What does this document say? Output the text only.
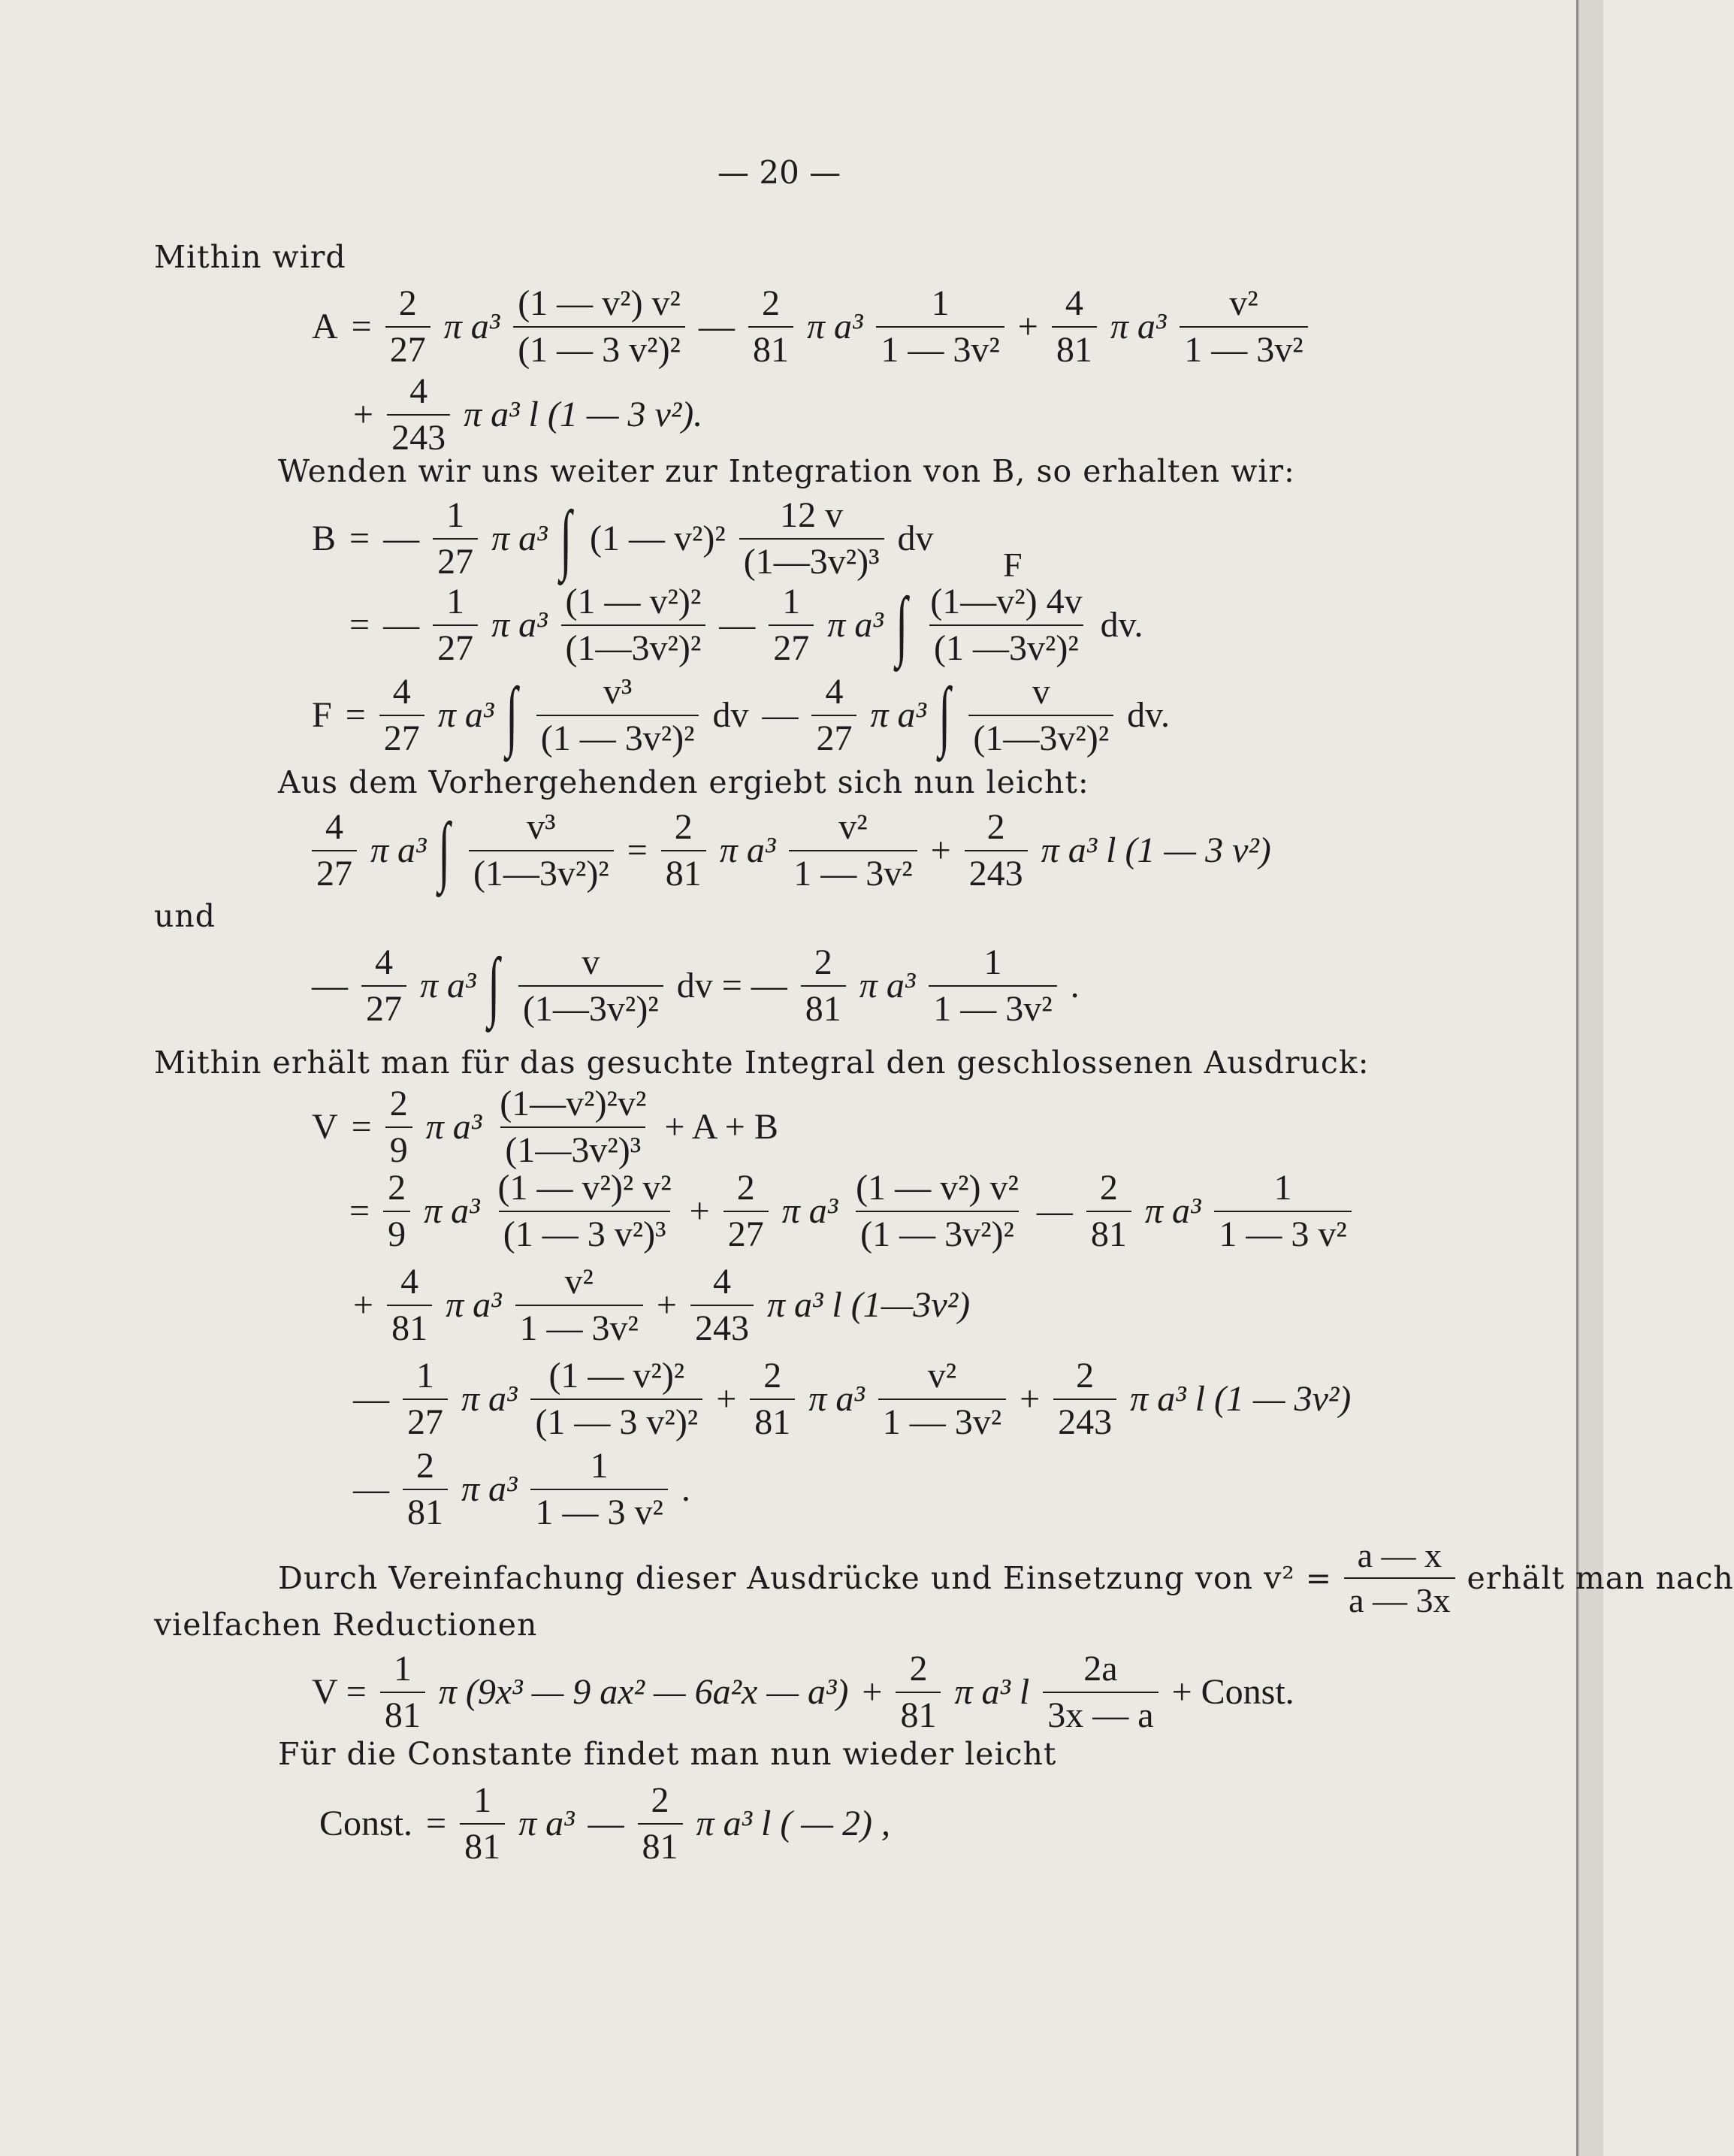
— 20 —
Mithin wird
$A = \frac{2}{27}$ π $a^3 \frac{\text{(1 — v²) v²}}{\text{(1 — 3 v²)²}}$ — $\frac{2}{81}$ π $a^3 \frac{1}{\text{1 — 3v²}} + \frac{4}{81}$ π $a^3 \frac{\text{v²}}{\text{1 — 3v²}}$
+ $\frac{4}{243}$ π a³ l (1 — 3 v²).
Wenden wir uns weiter zur Integration von B, so erhalten wir:
B = — $\frac{1}{27}$ π a³ ∫ (1 — $v^2)^2 \frac{12 v}{\text{(1—3v²)³}}$ dv
F
= — $\frac{1}{27}$ π $a^3 \frac{\text{(1 — v²)²}}{\text{(1—3v²)²}}$ — $\frac{1}{27}$ π a³ ∫ $\frac{\text{(1—v²) 4v}}{\text{(1 —3v²)²}}$ dv.
$F = \frac{4}{27}$ π a³ ∫ $\frac{\text{v³}}{\text{(1 — 3v²)²}}$ dv — $\frac{4}{27}$ π a³ ∫ $\frac{v}{\text{(1—3v²)²}}$ dv.
Aus dem Vorhergehenden ergiebt sich nun leicht:
$\frac{4}{27}$ π a³ ∫ $\frac{\text{v³}}{\text{(1—3v²)²}} = \frac{2}{81}$ π $a^3 \frac{\text{v²}}{\text{1 — 3v²}} + \frac{2}{243}$ π a³ l (1 — 3 v²)
und
— $\frac{4}{27}$ π a³ ∫ $\frac{v}{\text{(1—3v²)²}}$ dv = — $\frac{2}{81}$ π $a^3 \frac{1}{\text{1 — 3v²}}$ .
Mithin erhält man für das gesuchte Integral den geschlossenen Ausdruck:
$V = \frac{2}{9}$ π $a^3 \frac{\text{(1—v²)²v²}}{\text{(1—3v²)³}} + A + B$
= $\frac{2}{9}$ π $a^3 \frac{\text{(1 — v²)² v²}}{\text{(1 — 3 v²)³}} + \frac{2}{27}$ π $a^3 \frac{\text{(1 — v²) v²}}{\text{(1 — 3v²)²}}$ — $\frac{2}{81}$ π $a^3 \frac{1}{\text{1 — 3 v²}}$
+ $\frac{4}{81}$ π $a^3 \frac{\text{v²}}{\text{1 — 3v²}} + \frac{4}{243}$ π a³ l (1—3v²)
— $\frac{1}{27}$ π $a^3 \frac{\text{(1 — v²)²}}{\text{(1 — 3 v²)²}} + \frac{2}{81}$ π $a^3 \frac{\text{v²}}{\text{1 — 3v²}} + \frac{2}{243}$ π a³ l (1 — 3v²)
— $\frac{2}{81}$ π $a^3 \frac{1}{\text{1 — 3 v²}}$ .
Durch Vereinfachung dieser Ausdrücke und Einsetzung von $v^2 = \frac{a — x}{a — 3x}$ erhält man nach
vielfachen Reductionen
$V = \frac{1}{81}$ π (9x³ — 9 ax² — 6a²x — $a^3) + \frac{2}{81}$ π a³ l $\frac{2a}{3x — a}$ + Const.
Für die Constante findet man nun wieder leicht
Const. = $\frac{1}{81}$ π a³ — $\frac{2}{81}$ π a³ l ( — 2) ,
